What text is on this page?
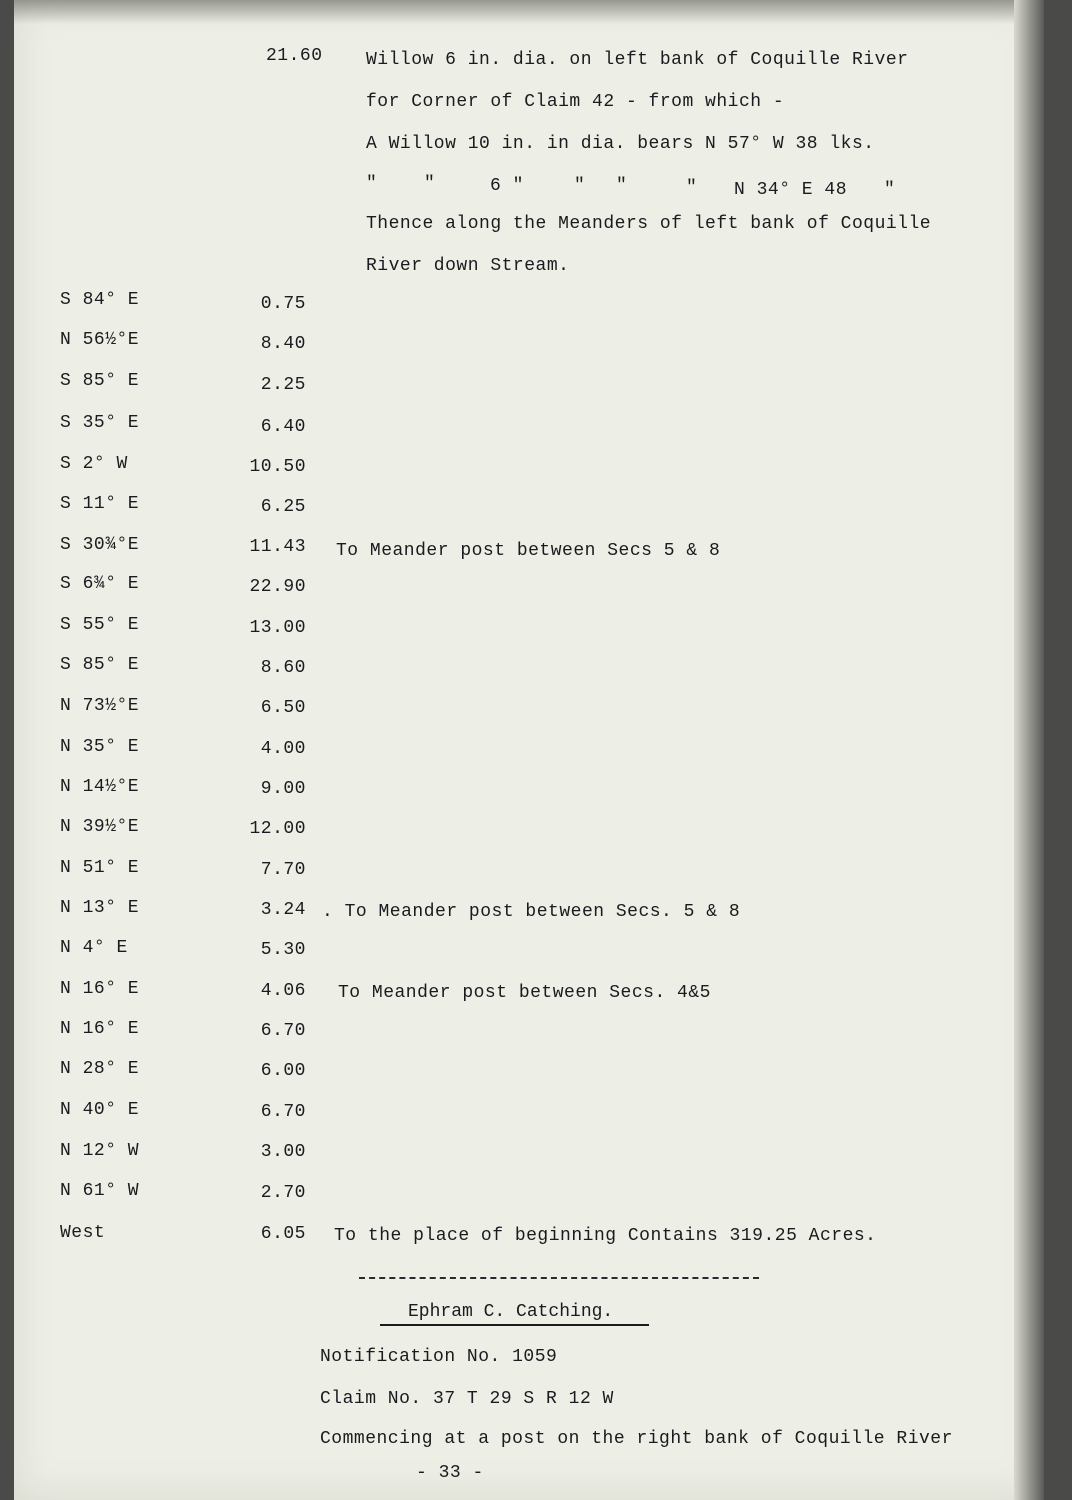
21.60 Willow 6 in. dia. on left bank of Coquille River
for Corner of Claim 42 - from which -
A Willow 10 in. in dia. bears N 57° W 38 lks.
"	"	6 "	" "	" N 34° E 48 "
Thence along the Meanders of left bank of Coquille
River down Stream.
S 84° E	0.75
N 56½°E	8.40
S 85° E	2.25
S 35° E	6.40
S 2° W	10.50
S 11° E	6.25
S 30¾°E	11.43 To Meander post between Secs 5 & 8
S 6¾° E	22.90
S 55° E	13.00
S 85° E	8.60
N 73½°E	6.50
N 35° E	4.00
N 14½°E	9.00
N 39½°E	12.00
N 51° E	7.70
N 13° E	3.24 . To Meander post between Secs. 5 & 8
N 4° E	5.30
N 16° E	4.06 To Meander post between Secs. 4&5
N 16° E	6.70
N 28° E	6.00
N 40° E	6.70
N 12° W	3.00
N 61° W	2.70
West	6.05 To the place of beginning Contains 319.25 Acres.
Ephram C. Catching.
Notification No. 1059
Claim No. 37 T 29 S R 12 W
Commencing at a post on the right bank of Coquille River
- 33 -
